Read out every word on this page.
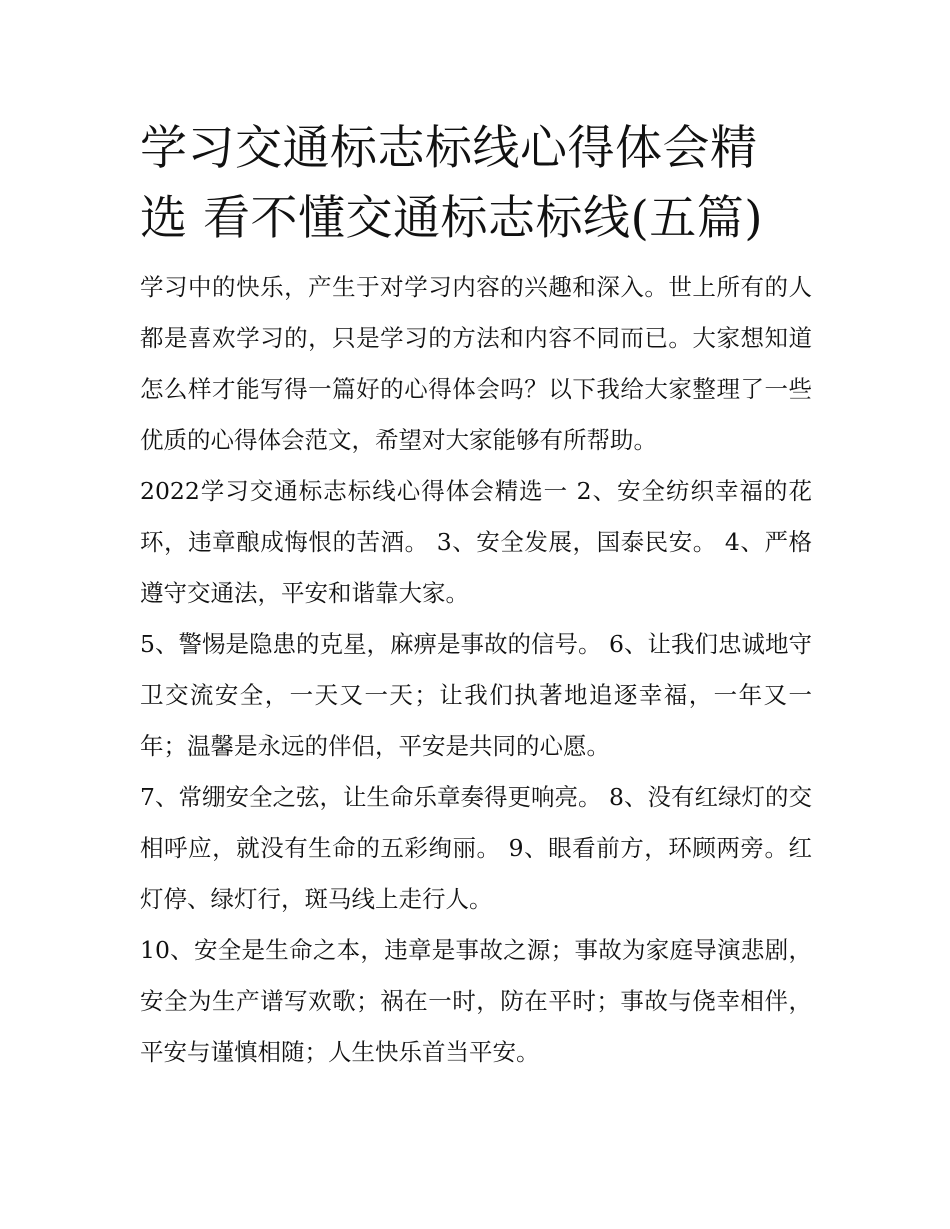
学习交通标志标线心得体会精
选 看不懂交通标志标线(五篇)

学习中的快乐，产生于对学习内容的兴趣和深入。世上所有的人都是喜欢学习的，只是学习的方法和内容不同而已。大家想知道怎么样才能写得一篇好的心得体会吗？以下我给大家整理了一些优质的心得体会范文，希望对大家能够有所帮助。

2022学习交通标志标线心得体会精选一 2、安全纺织幸福的花环，违章酿成悔恨的苦酒。 3、安全发展，国泰民安。 4、严格遵守交通法，平安和谐靠大家。

5、警惕是隐患的克星，麻痹是事故的信号。 6、让我们忠诚地守卫交流安全，一天又一天；让我们执著地追逐幸福，一年又一年；温馨是永远的伴侣，平安是共同的心愿。

7、常绷安全之弦，让生命乐章奏得更响亮。 8、没有红绿灯的交相呼应，就没有生命的五彩绚丽。 9、眼看前方，环顾两旁。红灯停、绿灯行，斑马线上走行人。

10、安全是生命之本，违章是事故之源；事故为家庭导演悲剧，安全为生产谱写欢歌；祸在一时，防在平时；事故与侥幸相伴，平安与谨慎相随；人生快乐首当平安。
